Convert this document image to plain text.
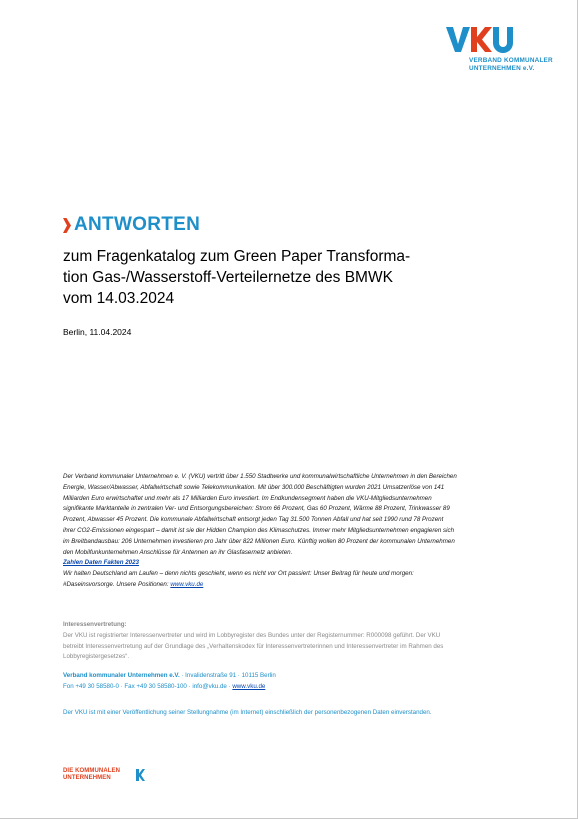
VERBAND KOMMUNALER
UNTERNEHMEN e.V.
ANTWORTEN
zum Fragenkatalog zum Green Paper Transforma-
tion Gas-/Wasserstoff-Verteilernetze des BMWK
vom 14.03.2024
Berlin, 11.04.2024
Der Verband kommunaler Unternehmen e. V. (VKU) vertritt über 1.550 Stadtwerke und kommunalwirtschaftliche Unternehmen in den Bereichen Energie, Wasser/Abwasser, Abfallwirtschaft sowie Telekommunikation. Mit über 300.000 Beschäftigten wurden 2021 Umsatzerlöse von 141 Milliarden Euro erwirtschaftet und mehr als 17 Milliarden Euro investiert. Im Endkundensegment haben die VKU-Mitgliedsunternehmen signifikante Marktanteile in zentralen Ver- und Entsorgungsbereichen: Strom 66 Prozent, Gas 60 Prozent, Wärme 88 Prozent, Trinkwasser 89 Prozent, Abwasser 45 Prozent. Die kommunale Abfallwirtschaft entsorgt jeden Tag 31.500 Tonnen Abfall und hat seit 1990 rund 78 Prozent ihrer CO2-Emissionen eingespart – damit ist sie der Hidden Champion des Klimaschutzes. Immer mehr Mitgliedsunternehmen engagieren sich im Breitbandausbau: 206 Unternehmen investieren pro Jahr über 822 Millionen Euro. Künftig wollen 80 Prozent der kommunalen Unternehmen den Mobilfunkunternehmen Anschlüsse für Antennen an ihr Glasfasernetz anbieten.
Zahlen Daten Fakten 2023
Wir halten Deutschland am Laufen – denn nichts geschieht, wenn es nicht vor Ort passiert: Unser Beitrag für heute und morgen: #Daseinsvorsorge. Unsere Positionen: www.vku.de
Interessenvertretung:
Der VKU ist registrierter Interessenvertreter und wird im Lobbyregister des Bundes unter der Registernummer: R000098 geführt. Der VKU betreibt Interessenvertretung auf der Grundlage des „Verhaltenskodex für Interessenvertreterinnen und Interessenvertreter im Rahmen des Lobbyregistergesetzes“.
Verband kommunaler Unternehmen e.V. · Invalidenstraße 91 · 10115 Berlin
Fon +49 30 58580-0 · Fax +49 30 58580-100 · info@vku.de · www.vku.de
Der VKU ist mit einer Veröffentlichung seiner Stellungnahme (im Internet) einschließlich der personenbezogenen Daten einverstanden.
DIE KOMMUNALEN
UNTERNEHMEN
